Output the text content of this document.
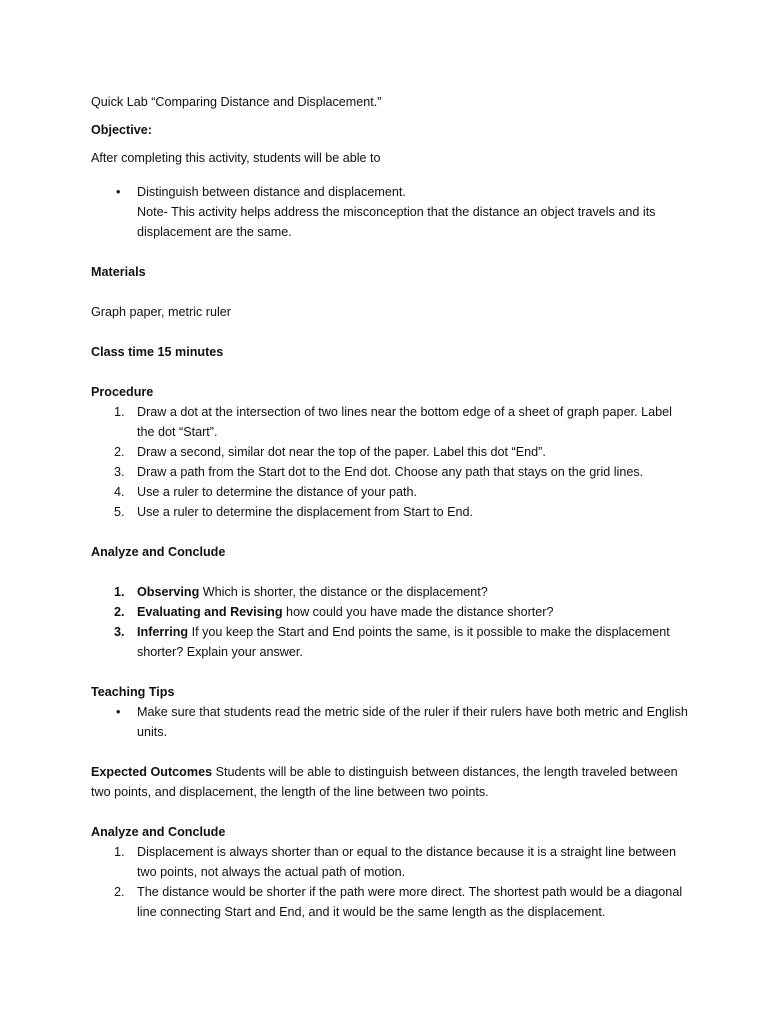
Quick Lab “Comparing Distance and Displacement.”

Objective:

After completing this activity, students will be able to

• Distinguish between distance and displacement.
Note- This activity helps address the misconception that the distance an object travels and its displacement are the same.

Materials

Graph paper, metric ruler

Class time 15 minutes

Procedure

1. Draw a dot at the intersection of two lines near the bottom edge of a sheet of graph paper. Label the dot “Start”.
2. Draw a second, similar dot near the top of the paper. Label this dot “End”.
3. Draw a path from the Start dot to the End dot. Choose any path that stays on the grid lines.
4. Use a ruler to determine the distance of your path.
5. Use a ruler to determine the displacement from Start to End.

Analyze and Conclude

1. Observing Which is shorter, the distance or the displacement?
2. Evaluating and Revising how could you have made the distance shorter?
3. Inferring If you keep the Start and End points the same, is it possible to make the displacement shorter? Explain your answer.

Teaching Tips

• Make sure that students read the metric side of the ruler if their rulers have both metric and English units.

Expected Outcomes Students will be able to distinguish between distances, the length traveled between two points, and displacement, the length of the line between two points.

Analyze and Conclude

1. Displacement is always shorter than or equal to the distance because it is a straight line between two points, not always the actual path of motion.
2. The distance would be shorter if the path were more direct. The shortest path would be a diagonal line connecting Start and End, and it would be the same length as the displacement.
